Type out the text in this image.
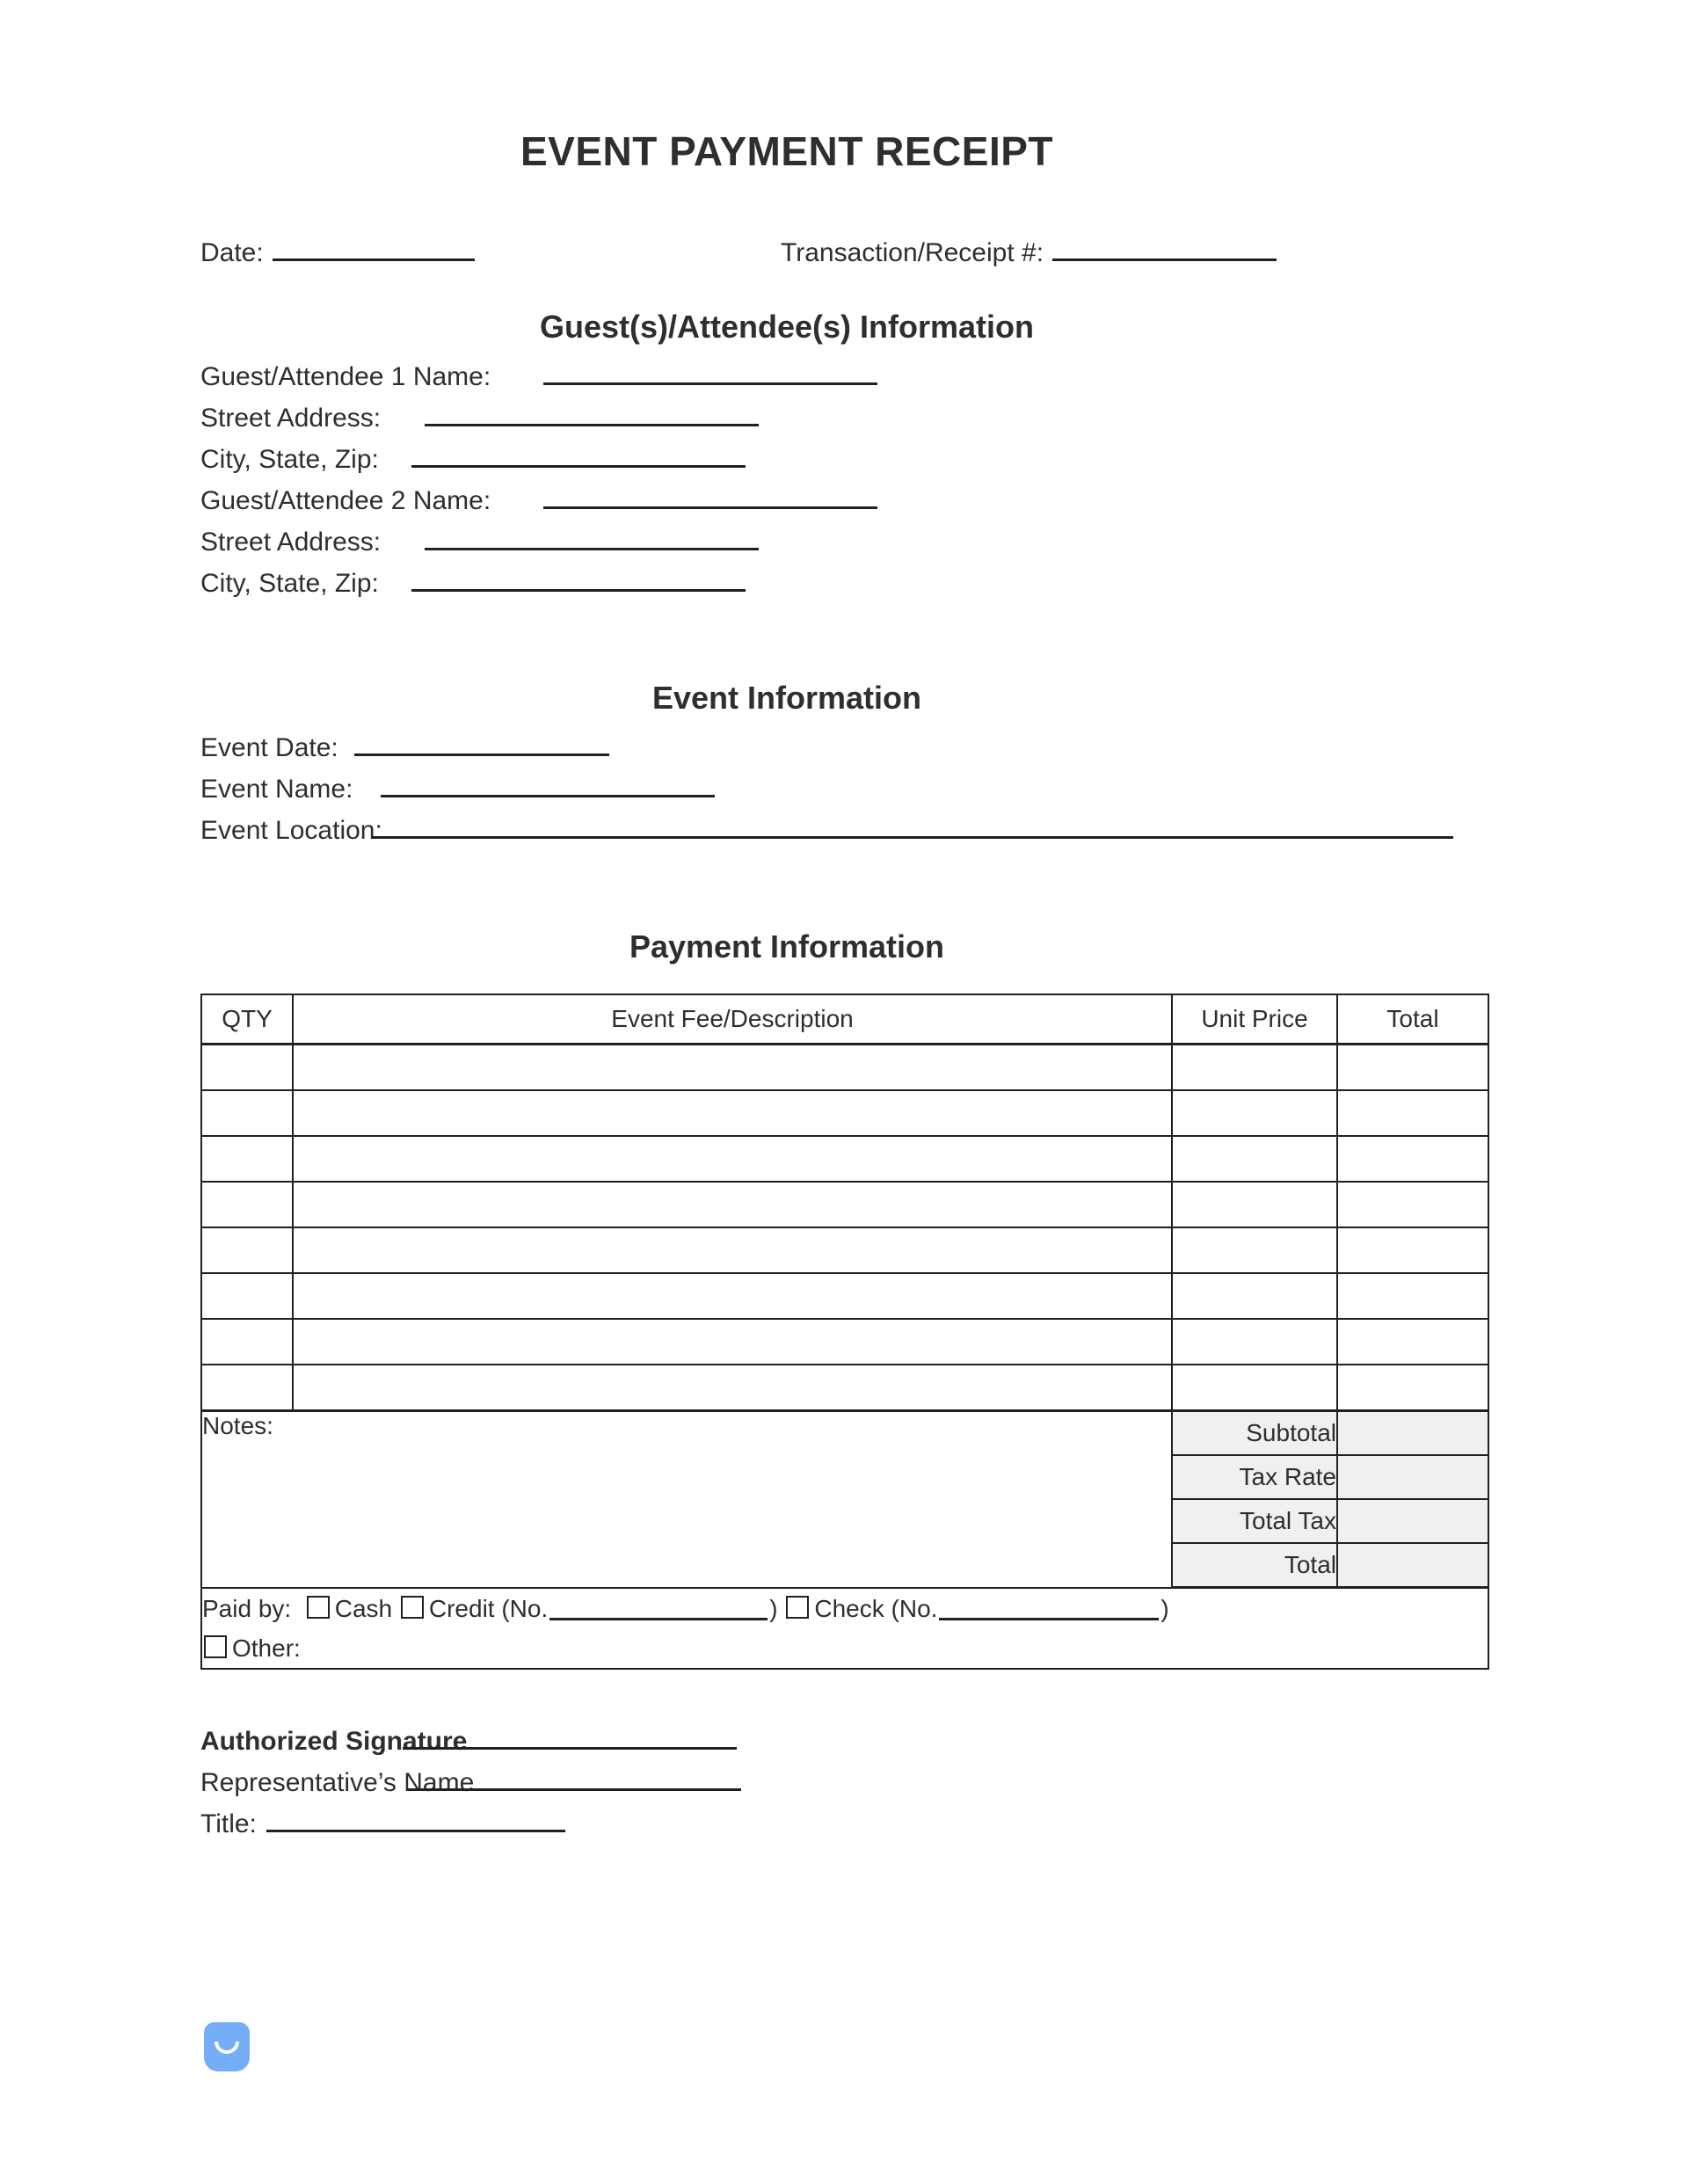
EVENT PAYMENT RECEIPT
Date:	Transaction/Receipt #:
Guest(s)/Attendee(s) Information
Guest/Attendee 1 Name:
Street Address:
City, State, Zip:
Guest/Attendee 2 Name:
Street Address:
City, State, Zip:
Event Information
Event Date:
Event Name:
Event Location:
Payment Information
QTY	Event Fee/Description	Unit Price	Total

Notes:		Subtotal	
		Tax Rate	
		Total Tax	
		Total	
Paid by: Cash Credit (No. ) Check (No. )
Other:			
Authorized Signature
Representative’s Name
Title:
